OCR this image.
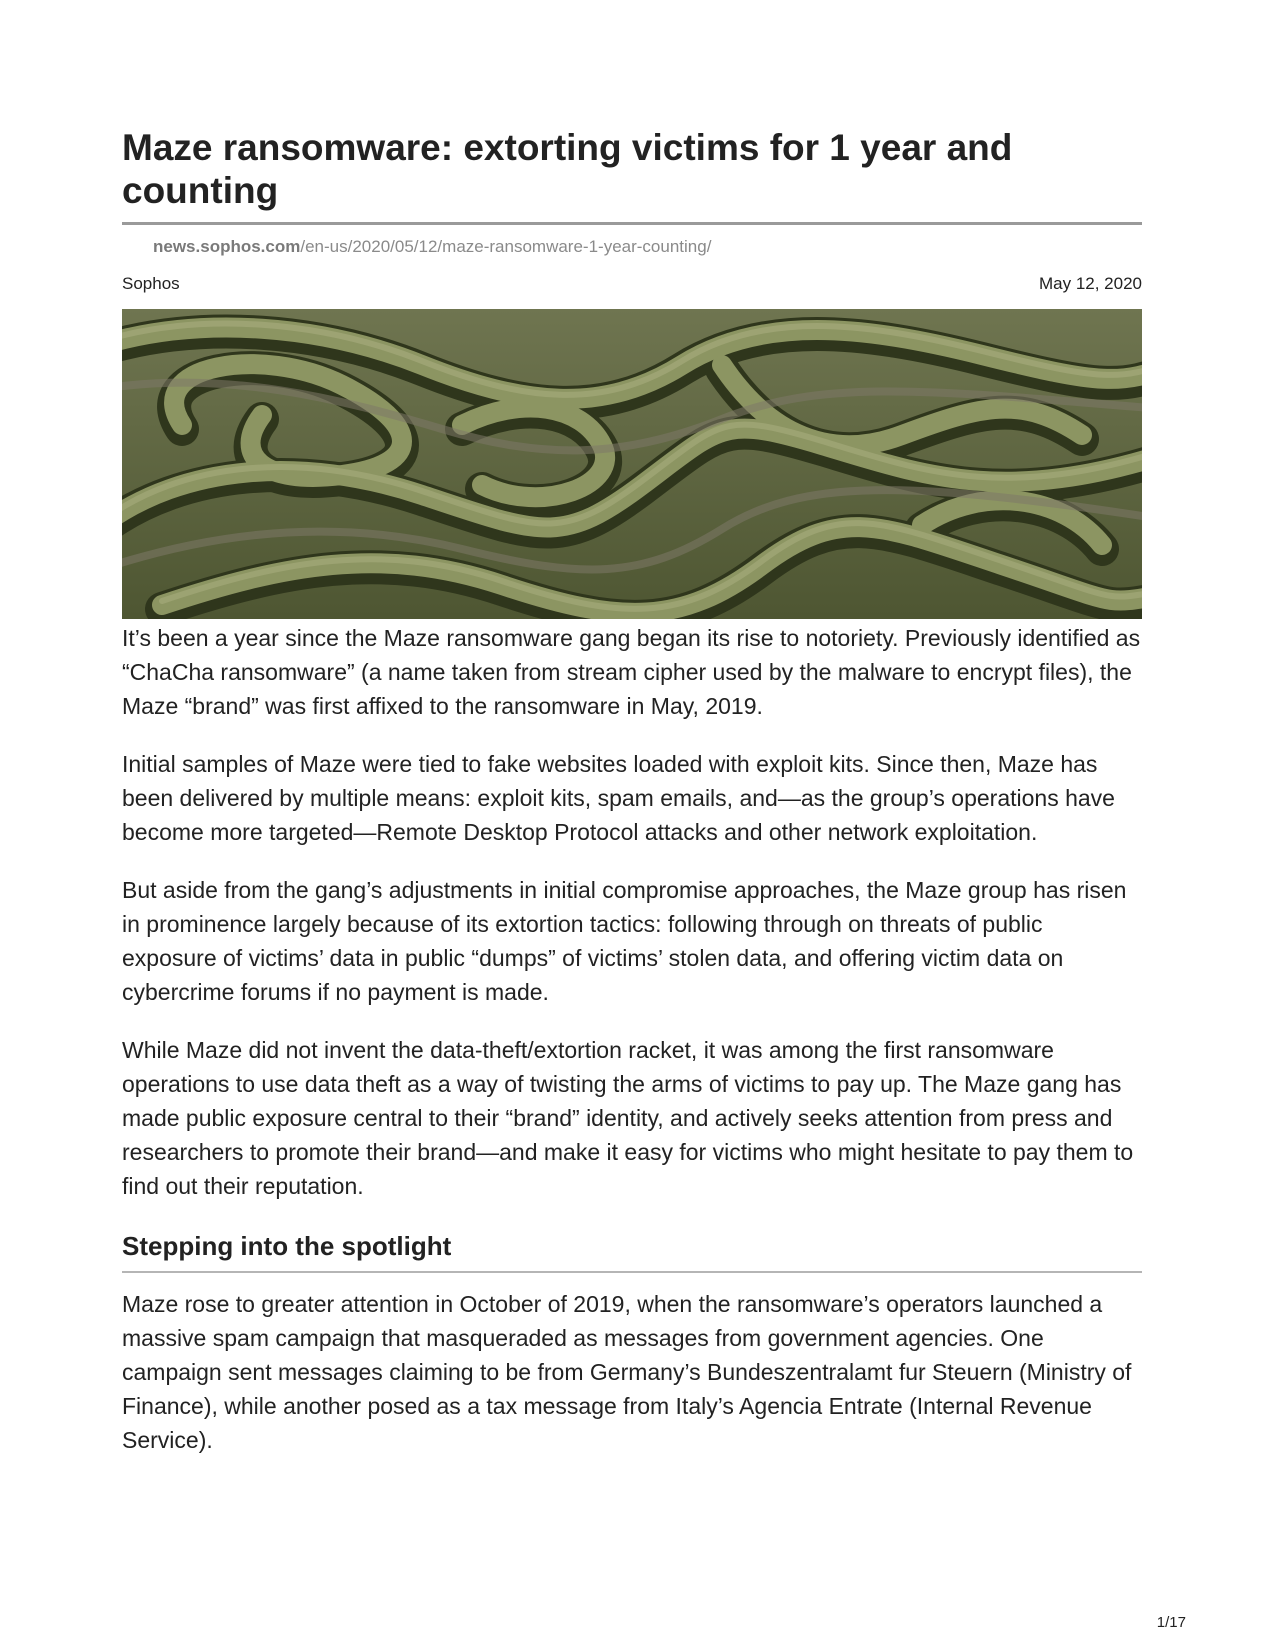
Maze ransomware: extorting victims for 1 year and counting
news.sophos.com/en-us/2020/05/12/maze-ransomware-1-year-counting/
Sophos	May 12, 2020

It’s been a year since the Maze ransomware gang began its rise to notoriety. Previously identified as “ChaCha ransomware” (a name taken from stream cipher used by the malware to encrypt files), the Maze “brand” was first affixed to the ransomware in May, 2019.

Initial samples of Maze were tied to fake websites loaded with exploit kits. Since then, Maze has been delivered by multiple means: exploit kits, spam emails, and—as the group’s operations have become more targeted—Remote Desktop Protocol attacks and other network exploitation.

But aside from the gang’s adjustments in initial compromise approaches, the Maze group has risen in prominence largely because of its extortion tactics: following through on threats of public exposure of victims’ data in public “dumps” of victims’ stolen data, and offering victim data on cybercrime forums if no payment is made.

While Maze did not invent the data-theft/extortion racket, it was among the first ransomware operations to use data theft as a way of twisting the arms of victims to pay up. The Maze gang has made public exposure central to their “brand” identity, and actively seeks attention from press and researchers to promote their brand—and make it easy for victims who might hesitate to pay them to find out their reputation.

Stepping into the spotlight

Maze rose to greater attention in October of 2019, when the ransomware’s operators launched a massive spam campaign that masqueraded as messages from government agencies. One campaign sent messages claiming to be from Germany’s Bundeszentralamt fur Steuern (Ministry of Finance), while another posed as a tax message from Italy’s Agencia Entrate (Internal Revenue Service).

1/17
